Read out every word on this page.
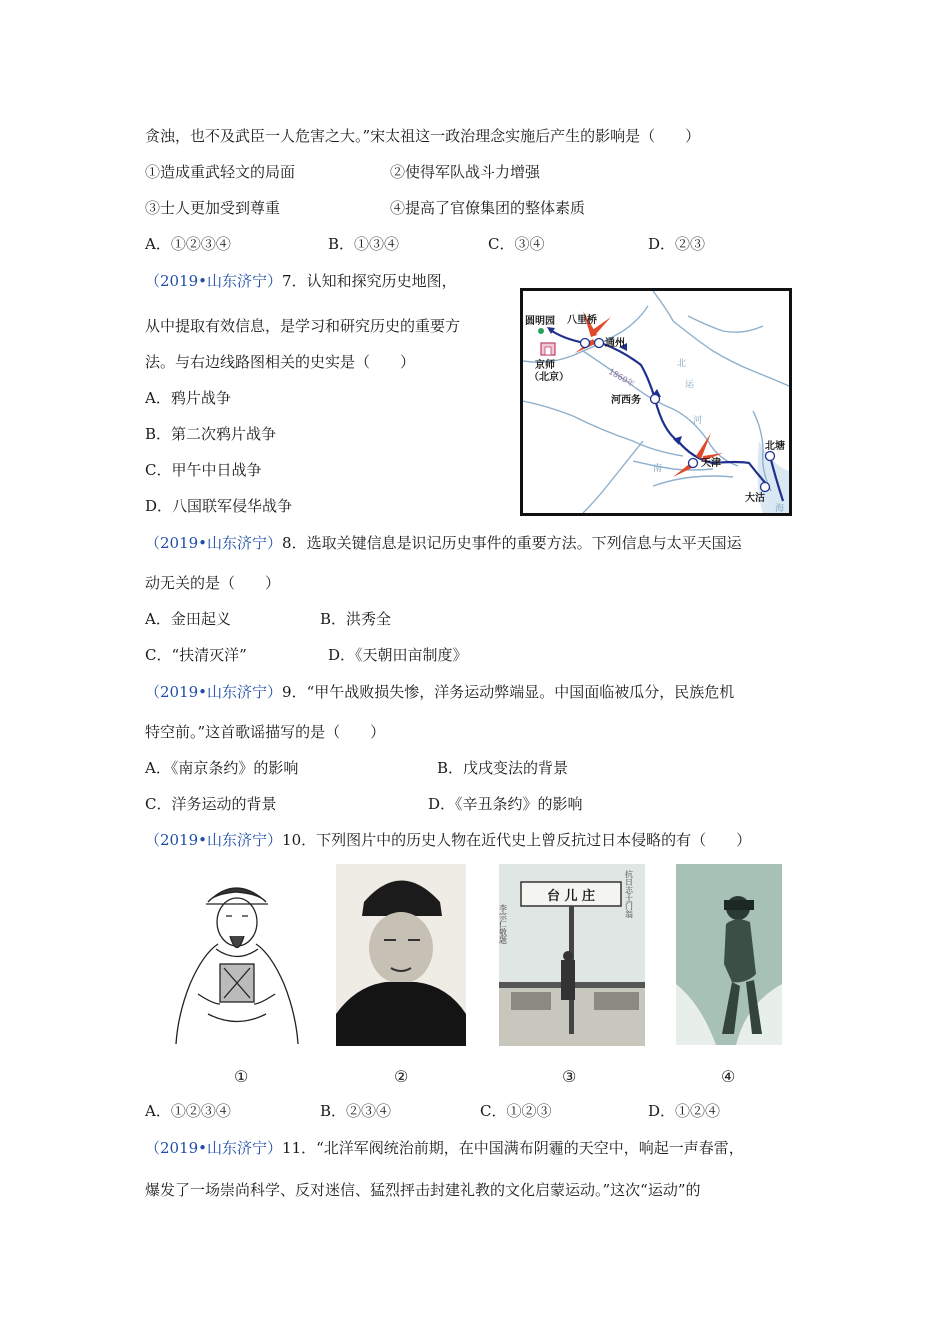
贪浊，也不及武臣一人危害之大。”宋太祖这一政治理念实施后产生的影响是（　　）
①造成重武轻文的局面	②使得军队战斗力增强
③士人更加受到尊重	④提高了官僚集团的整体素质
A．①②③④	B．①③④	C．③④	D．②③
（2019•山东济宁）7．认知和探究历史地图，
从中提取有效信息，是学习和研究历史的重要方
法。与右边线路图相关的史实是（　　）
A．鸦片战争
B．第二次鸦片战争
C．甲午中日战争
D．八国联军侵华战争
圆明园 八里桥
通州
京师
（北京）
河西务
天津
北塘
大沽
1860年
北
运
河
南
海
（2019•山东济宁）8．选取关键信息是识记历史事件的重要方法。下列信息与太平天国运
动无关的是（　　）
A．金田起义	B．洪秀全
C．“扶清灭洋”	D．《天朝田亩制度》
（2019•山东济宁）9．“甲午战败损失惨，洋务运动弊端显。中国面临被瓜分，民族危机
特空前。”这首歌谣描写的是（　　）
A．《南京条约》的影响	B．戊戌变法的背景
C．洋务运动的背景	D．《辛丑条约》的影响
（2019•山东济宁）10．下列图片中的历史人物在近代史上曾反抗过日本侵略的有（　　）
台 儿 庄
李宗仁敬题
抗日志士门翁
①	②	③	④
A．①②③④	B．②③④	C．①②③	D．①②④
（2019•山东济宁）11．“北洋军阀统治前期，在中国满布阴霾的天空中，响起一声春雷，
爆发了一场崇尚科学、反对迷信、猛烈抨击封建礼教的文化启蒙运动。”这次“运动”的
